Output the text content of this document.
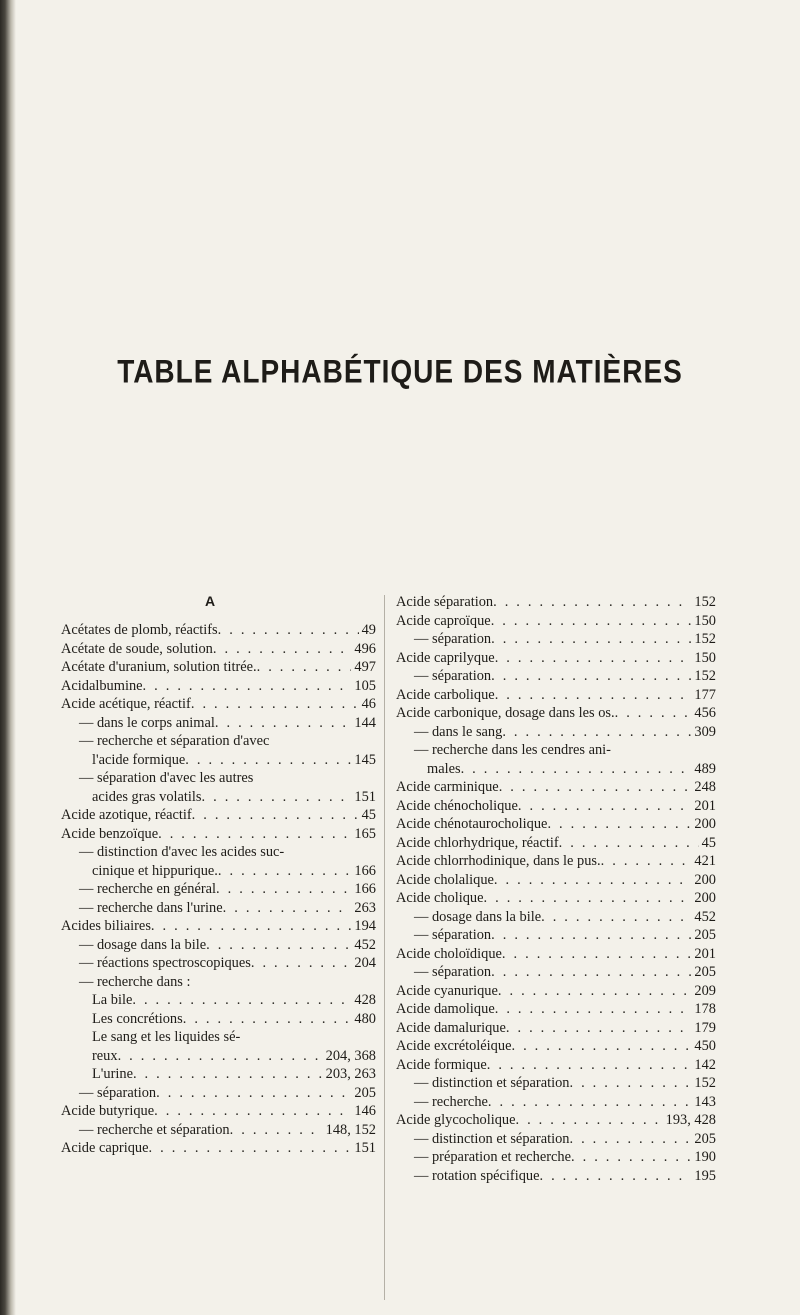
TABLE ALPHABÉTIQUE DES MATIÈRES
A
Acétates de plomb, réactifs . . .	49
Acétate de soude, solution . . .	496
Acétate d'uranium, solution titrée. . . .	497
Acidalbumine . . .	105
Acide acétique, réactif . . .	46
— dans le corps animal . . .	144
— recherche et séparation d'avec
l'acide formique . . .	145
— séparation d'avec les autres
acides gras volatils . . .	151
Acide azotique, réactif . . .	45
Acide benzoïque . . .	165
— distinction d'avec les acides suc-
cinique et hippurique. . . .	166
— recherche en général . . .	166
— recherche dans l'urine . . .	263
Acides biliaires . . .	194
— dosage dans la bile . . .	452
— réactions spectroscopiques . . .	204
— recherche dans :
La bile . . .	428
Les concrétions . . .	480
Le sang et les liquides sé-
reux . . .	204, 368
L'urine . . .	203, 263
— séparation . . .	205
Acide butyrique . . .	146
— recherche et séparation . . .	148, 152
Acide caprique . . .	151
Acide séparation . . .	152
Acide caproïque . . .	150
— séparation . . .	152
Acide caprilyque . . .	150
— séparation . . .	152
Acide carbolique . . .	177
Acide carbonique, dosage dans les os. . . .	456
— dans le sang . . .	309
— recherche dans les cendres ani-
males . . .	489
Acide carminique . . .	248
Acide chénocholique . . .	201
Acide chénotaurocholique . . .	200
Acide chlorhydrique, réactif . . .	45
Acide chlorrhodinique, dans le pus. . . .	421
Acide cholalique . . .	200
Acide cholique . . .	200
— dosage dans la bile . . .	452
— séparation . . .	205
Acide choloïdique . . .	201
— séparation . . .	205
Acide cyanurique . . .	209
Acide damolique . . .	178
Acide damalurique . . .	179
Acide excrétoléique . . .	450
Acide formique . . .	142
— distinction et séparation . . .	152
— recherche . . .	143
Acide glycocholique . . .	193, 428
— distinction et séparation . . .	205
— préparation et recherche . . .	190
— rotation spécifique . . .	195
